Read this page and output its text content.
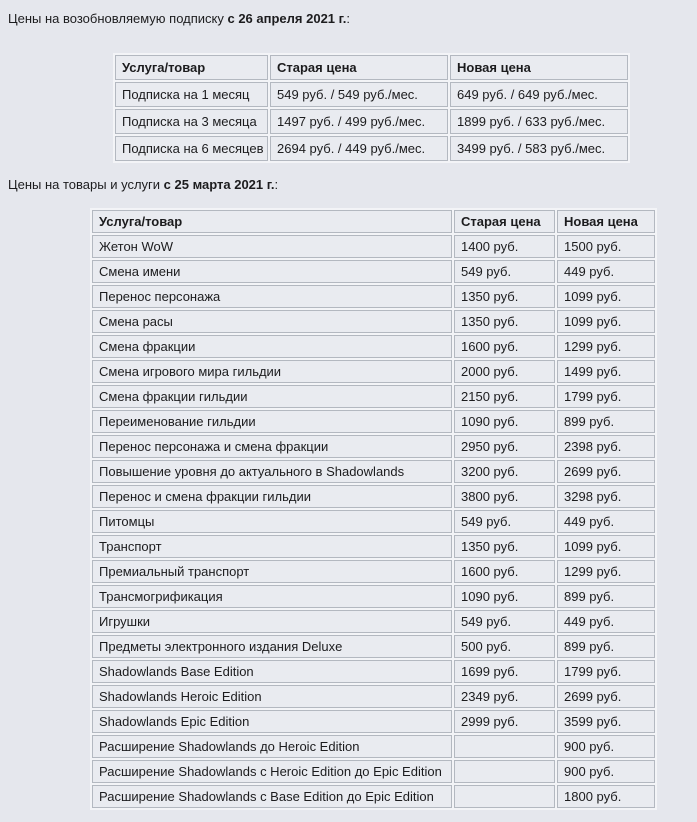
Цены на возобновляемую подписку с 26 апреля 2021 г.:

Услуга/товар	Старая цена	Новая цена
Подписка на 1 месяц	549 руб. / 549 руб./мес.	649 руб. / 649 руб./мес.
Подписка на 3 месяца	1497 руб. / 499 руб./мес.	1899 руб. / 633 руб./мес.
Подписка на 6 месяцев	2694 руб. / 449 руб./мес.	3499 руб. / 583 руб./мес.

Цены на товары и услуги с 25 марта 2021 г.:

Услуга/товар	Старая цена	Новая цена
Жетон WoW	1400 руб.	1500 руб.
Смена имени	549 руб.	449 руб.
Перенос персонажа	1350 руб.	1099 руб.
Смена расы	1350 руб.	1099 руб.
Смена фракции	1600 руб.	1299 руб.
Смена игрового мира гильдии	2000 руб.	1499 руб.
Смена фракции гильдии	2150 руб.	1799 руб.
Переименование гильдии	1090 руб.	899 руб.
Перенос персонажа и смена фракции	2950 руб.	2398 руб.
Повышение уровня до актуального в Shadowlands	3200 руб.	2699 руб.
Перенос и смена фракции гильдии	3800 руб.	3298 руб.
Питомцы	549 руб.	449 руб.
Транспорт	1350 руб.	1099 руб.
Премиальный транспорт	1600 руб.	1299 руб.
Трансмогрификация	1090 руб.	899 руб.
Игрушки	549 руб.	449 руб.
Предметы электронного издания Deluxe	500 руб.	899 руб.
Shadowlands Base Edition	1699 руб.	1799 руб.
Shadowlands Heroic Edition	2349 руб.	2699 руб.
Shadowlands Epic Edition	2999 руб.	3599 руб.
Расширение Shadowlands до Heroic Edition		900 руб.
Расширение Shadowlands с Heroic Edition до Epic Edition		900 руб.
Расширение Shadowlands с Base Edition до Epic Edition		1800 руб.
